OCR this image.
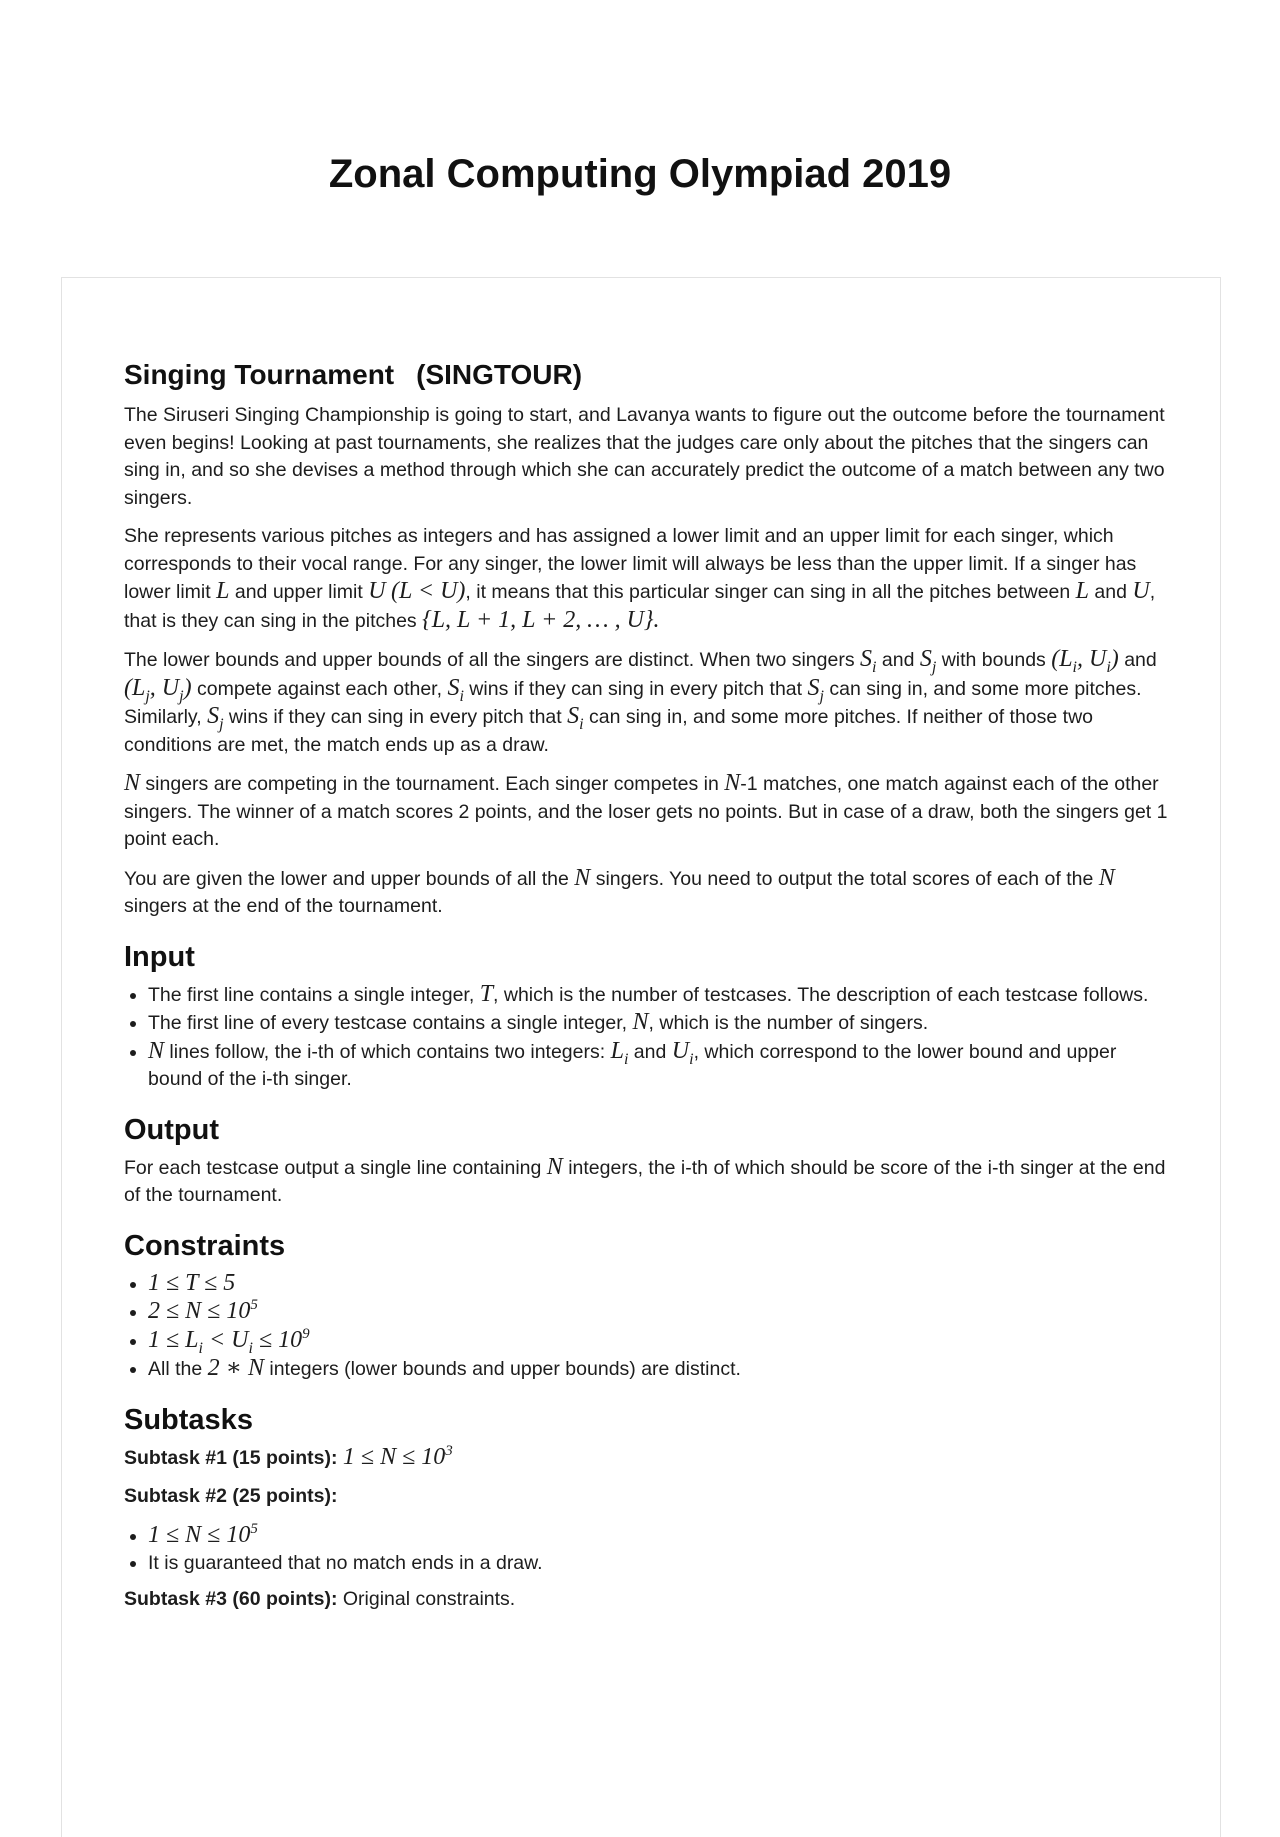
Zonal Computing Olympiad 2019
Singing Tournament (SINGTOUR)

The Siruseri Singing Championship is going to start, and Lavanya wants to figure out the outcome before the tournament even begins! Looking at past tournaments, she realizes that the judges care only about the pitches that the singers can sing in, and so she devises a method through which she can accurately predict the outcome of a match between any two singers.

She represents various pitches as integers and has assigned a lower limit and an upper limit for each singer, which corresponds to their vocal range. For any singer, the lower limit will always be less than the upper limit. If a singer has lower limit L and upper limit U (L < U), it means that this particular singer can sing in all the pitches between L and U, that is they can sing in the pitches {L, L + 1, L + 2, … , U}.

The lower bounds and upper bounds of all the singers are distinct. When two singers $S_i$ and $S_j$ with bounds ($L_i$, $U_i$) and ($L_j$, $U_j$) compete against each other, $S_i$ wins if they can sing in every pitch that $S_j$ can sing in, and some more pitches. Similarly, $S_j$ wins if they can sing in every pitch that $S_i$ can sing in, and some more pitches. If neither of those two conditions are met, the match ends up as a draw.

N singers are competing in the tournament. Each singer competes in N-1 matches, one match against each of the other singers. The winner of a match scores 2 points, and the loser gets no points. But in case of a draw, both the singers get 1 point each.

You are given the lower and upper bounds of all the N singers. You need to output the total scores of each of the N singers at the end of the tournament.

Input
• The first line contains a single integer, T, which is the number of testcases. The description of each testcase follows.
• The first line of every testcase contains a single integer, N, which is the number of singers.
• N lines follow, the i-th of which contains two integers: $L_i$ and $U_i$, which correspond to the lower bound and upper bound of the i-th singer.
Output

For each testcase output a single line containing N integers, the i-th of which should be score of the i-th singer at the end of the tournament.

Constraints
• 1 ≤ T ≤ 5
• $2 \le N \le 10^5$
• $1 \le L_i < U_i \le 10^9$
• All the 2 ∗ N integers (lower bounds and upper bounds) are distinct.
Subtasks

Subtask #1 (15 points): $1 \le N \le 10^3$

Subtask #2 (25 points):

• $1 \le N \le 10^5$
• It is guaranteed that no match ends in a draw.

Subtask #3 (60 points): Original constraints.
